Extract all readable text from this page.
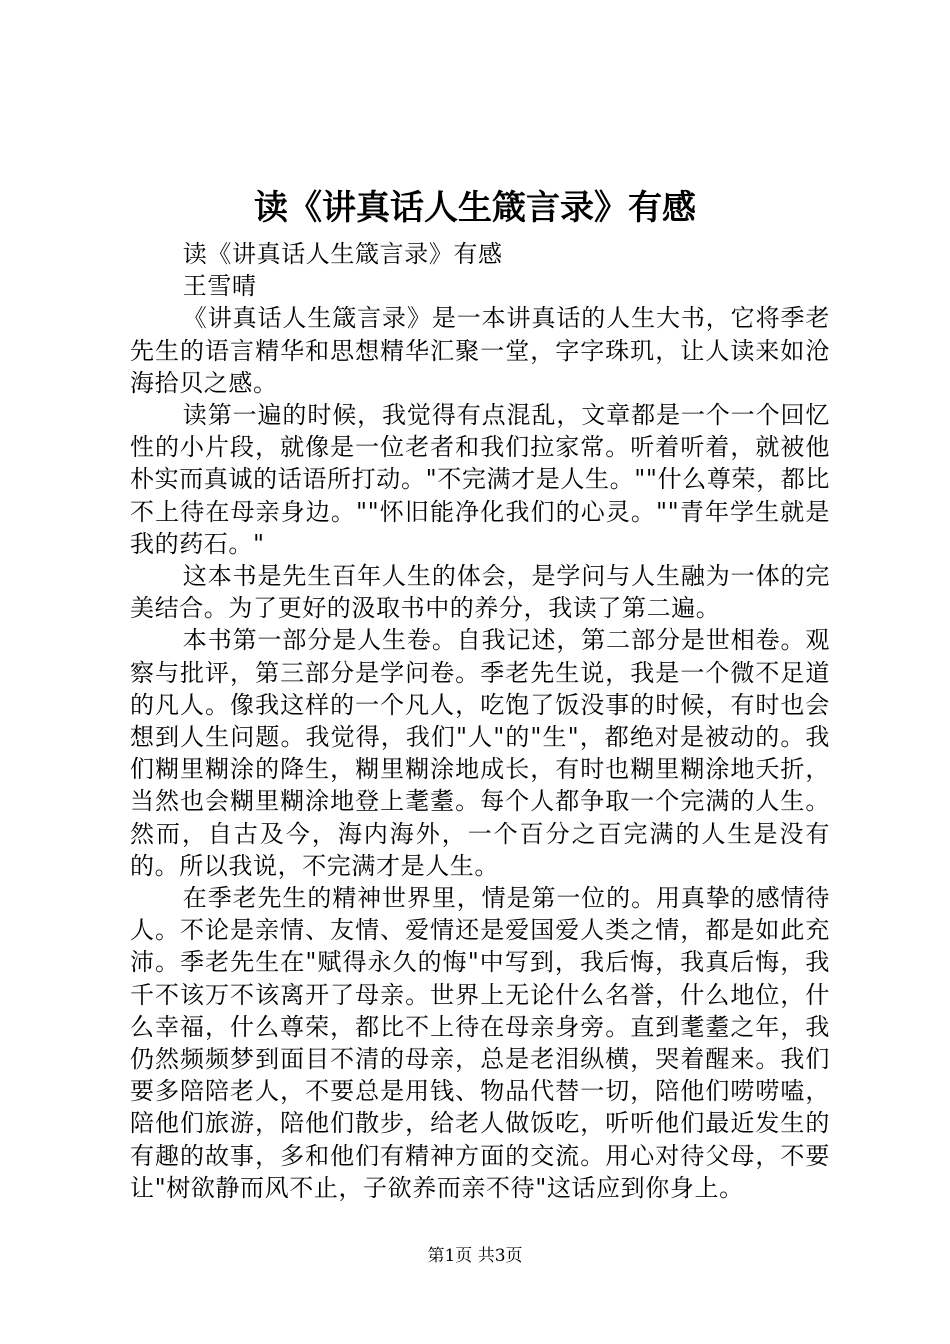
读《讲真话人生箴言录》有感

读《讲真话人生箴言录》有感

王雪晴

《讲真话人生箴言录》是一本讲真话的人生大书，它将季老先生的语言精华和思想精华汇聚一堂，字字珠玑，让人读来如沧海拾贝之感。

读第一遍的时候，我觉得有点混乱，文章都是一个一个回忆性的小片段，就像是一位老者和我们拉家常。听着听着，就被他朴实而真诚的话语所打动。"不完满才是人生。""什么尊荣，都比不上待在母亲身边。""怀旧能净化我们的心灵。""青年学生就是我的药石。"

这本书是先生百年人生的体会，是学问与人生融为一体的完美结合。为了更好的汲取书中的养分，我读了第二遍。

本书第一部分是人生卷。自我记述，第二部分是世相卷。观察与批评，第三部分是学问卷。季老先生说，我是一个微不足道的凡人。像我这样的一个凡人，吃饱了饭没事的时候，有时也会想到人生问题。我觉得，我们"人"的"生"，都绝对是被动的。我们糊里糊涂的降生，糊里糊涂地成长，有时也糊里糊涂地夭折，当然也会糊里糊涂地登上耄耋。每个人都争取一个完满的人生。然而，自古及今，海内海外，一个百分之百完满的人生是没有的。所以我说，不完满才是人生。

在季老先生的精神世界里，情是第一位的。用真挚的感情待人。不论是亲情、友情、爱情还是爱国爱人类之情，都是如此充沛。季老先生在"赋得永久的悔"中写到，我后悔，我真后悔，我千不该万不该离开了母亲。世界上无论什么名誉，什么地位，什么幸福，什么尊荣，都比不上待在母亲身旁。直到耄耋之年，我仍然频频梦到面目不清的母亲，总是老泪纵横，哭着醒来。我们要多陪陪老人，不要总是用钱、物品代替一切，陪他们唠唠嗑，陪他们旅游，陪他们散步，给老人做饭吃，听听他们最近发生的有趣的故事，多和他们有精神方面的交流。用心对待父母，不要让"树欲静而风不止，子欲养而亲不待"这话应到你身上。

第1页 共3页
